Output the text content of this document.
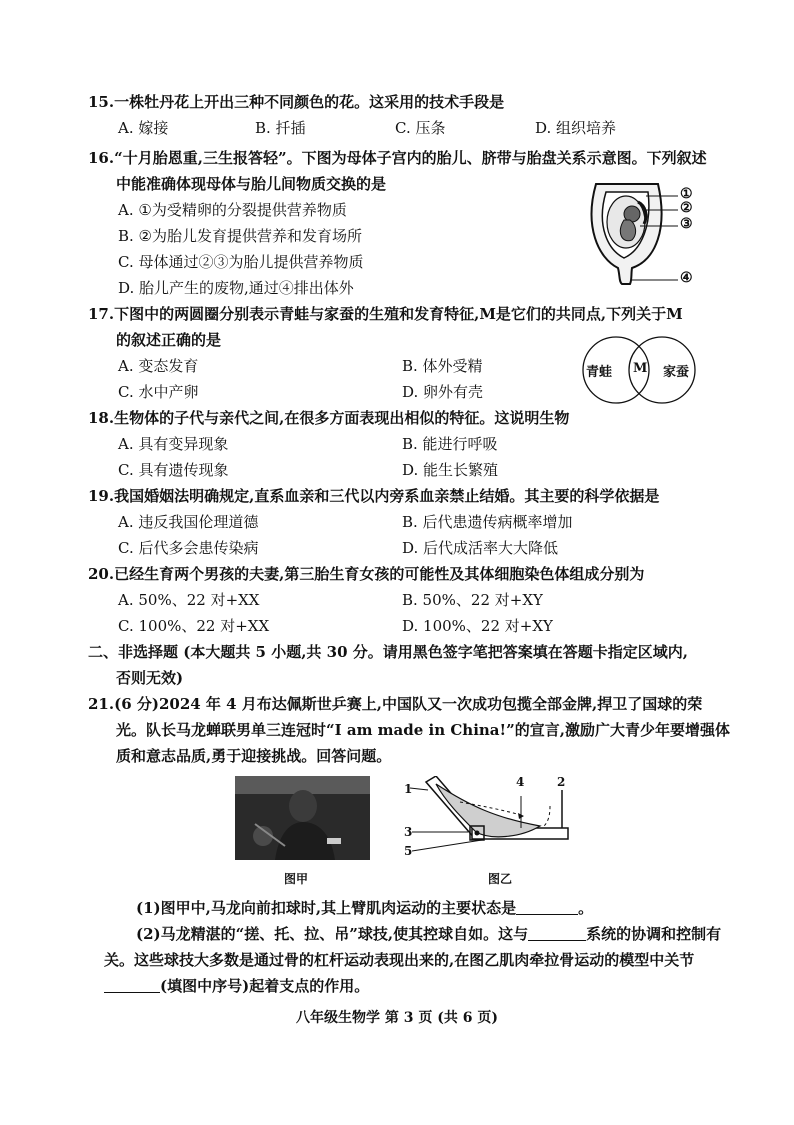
15.一株牡丹花上开出三种不同颜色的花。这采用的技术手段是
A. 嫁接	B. 扦插	C. 压条	D. 组织培养
16.“十月胎恩重,三生报答轻”。下图为母体子宫内的胎儿、脐带与胎盘关系示意图。下列叙述
中能准确体现母体与胎儿间物质交换的是
A. ①为受精卵的分裂提供营养物质
B. ②为胎儿发育提供营养和发育场所
C. 母体通过②③为胎儿提供营养物质
D. 胎儿产生的废物,通过④排出体外
①
②
③
④
17.下图中的两圆圈分别表示青蛙与家蚕的生殖和发育特征,M是它们的共同点,下列关于M
的叙述正确的是
A. 变态发育	B. 体外受精
C. 水中产卵	D. 卵外有壳
青蛙 M 家蚕
18.生物体的子代与亲代之间,在很多方面表现出相似的特征。这说明生物
A. 具有变异现象	B. 能进行呼吸
C. 具有遗传现象	D. 能生长繁殖
19.我国婚姻法明确规定,直系血亲和三代以内旁系血亲禁止结婚。其主要的科学依据是
A. 违反我国伦理道德	B. 后代患遗传病概率增加
C. 后代多会患传染病	D. 后代成活率大大降低
20.已经生育两个男孩的夫妻,第三胎生育女孩的可能性及其体细胞染色体组成分别为
A. 50%、22 对+XX	B. 50%、22 对+XY
C. 100%、22 对+XX	D. 100%、22 对+XY
二、非选择题 (本大题共 5 小题,共 30 分。请用黑色签字笔把答案填在答题卡指定区域内,
否则无效)
21.(6 分)2024 年 4 月布达佩斯世乒赛上,中国队又一次成功包揽全部金牌,捍卫了国球的荣
光。队长马龙蝉联男单三连冠时“I am made in China!”的宣言,激励广大青少年要增强体
质和意志品质,勇于迎接挑战。回答问题。
图甲
1	4	2
3
5
图乙
(1)图甲中,马龙向前扣球时,其上臂肌肉运动的主要状态是	。
(2)马龙精湛的“搓、托、拉、吊”球技,使其控球自如。这与	系统的协调和控制有
关。这些球技大多数是通过骨的杠杆运动表现出来的,在图乙肌肉牵拉骨运动的模型中关节
(填图中序号)起着支点的作用。
八年级生物学 第 3 页 (共 6 页)
